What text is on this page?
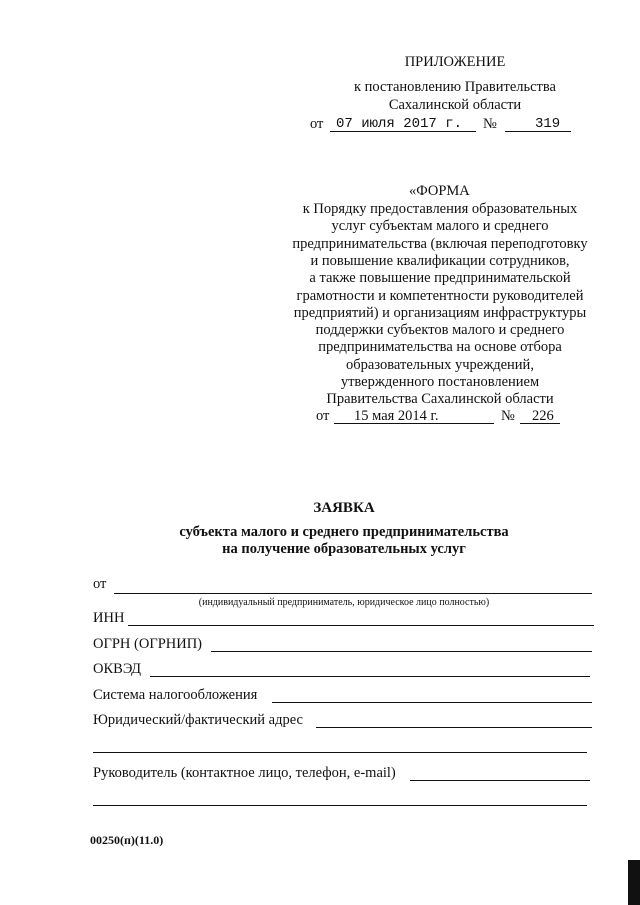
ПРИЛОЖЕНИЕ
к постановлению Правительства
Сахалинской области
от 07 июля 2017 г. №	319
«ФОРМА
к Порядку предоставления образовательных
услуг субъектам малого и среднего
предпринимательства (включая переподготовку
и повышение квалификации сотрудников,
а также повышение предпринимательской
грамотности и компетентности руководителей
предприятий) и организациям инфраструктуры
поддержки субъектов малого и среднего
предпринимательства на основе отбора
образовательных учреждений,
утвержденного постановлением
Правительства Сахалинской области
от 15 мая 2014 г.	№ 226
ЗАЯВКА
субъекта малого и среднего предпринимательства
на получение образовательных услуг
от
(индивидуальный предприниматель, юридическое лицо полностью)
ИНН
ОГРН (ОГРНИП)
ОКВЭД
Система налогообложения
Юридический/фактический адрес
Руководитель (контактное лицо, телефон, e-mail)
00250(п)(11.0)
